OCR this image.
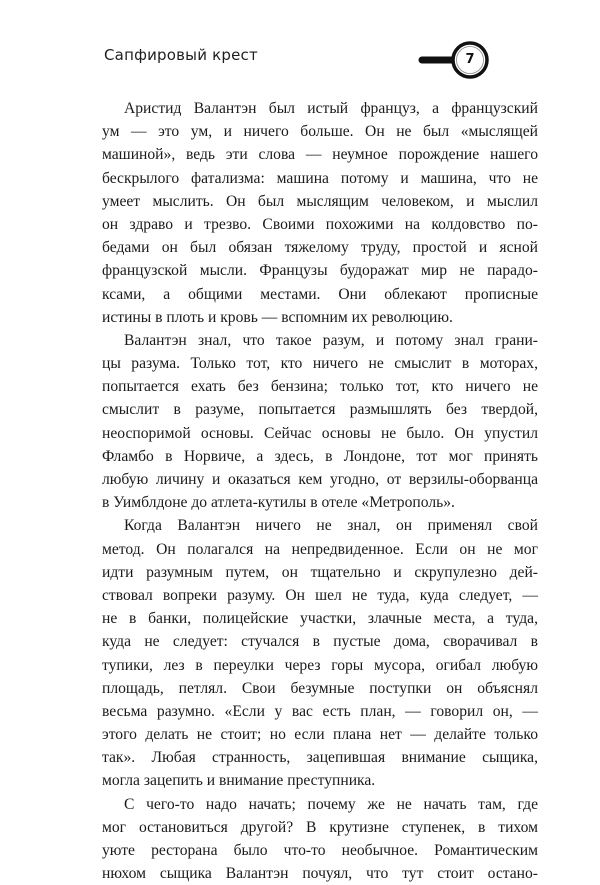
Сапфировый крест	7
Аристид Валантэн был истый француз, а французский
ум — это ум, и ничего больше. Он не был «мыслящей
машиной», ведь эти слова — неумное порождение нашего
бескрылого фатализма: машина потому и машина, что не
умеет мыслить. Он был мыслящим человеком, и мыслил
он здраво и трезво. Своими похожими на колдовство по-
бедами он был обязан тяжелому труду, простой и ясной
французской мысли. Французы будоражат мир не парадо-
ксами, а общими местами. Они облекают прописные
истины в плоть и кровь — вспомним их революцию.
Валантэн знал, что такое разум, и потому знал грани-
цы разума. Только тот, кто ничего не смыслит в моторах,
попытается ехать без бензина; только тот, кто ничего не
смыслит в разуме, попытается размышлять без твердой,
неоспоримой основы. Сейчас основы не было. Он упустил
Фламбо в Норвиче, а здесь, в Лондоне, тот мог принять
любую личину и оказаться кем угодно, от верзилы-оборванца
в Уимблдоне до атлета-кутилы в отеле «Метрополь».
Когда Валантэн ничего не знал, он применял свой
метод. Он полагался на непредвиденное. Если он не мог
идти разумным путем, он тщательно и скрупулезно дей-
ствовал вопреки разуму. Он шел не туда, куда следует, —
не в банки, полицейские участки, злачные места, а туда,
куда не следует: стучался в пустые дома, сворачивал в
тупики, лез в переулки через горы мусора, огибал любую
площадь, петлял. Свои безумные поступки он объяснял
весьма разумно. «Если у вас есть план, — говорил он, —
этого делать не стоит; но если плана нет — делайте только
так». Любая странность, зацепившая внимание сыщика,
могла зацепить и внимание преступника.
С чего-то надо начать; почему же не начать там, где
мог остановиться другой? В крутизне ступенек, в тихом
уюте ресторана было что-то необычное. Романтическим
нюхом сыщика Валантэн почуял, что тут стоит остано-
